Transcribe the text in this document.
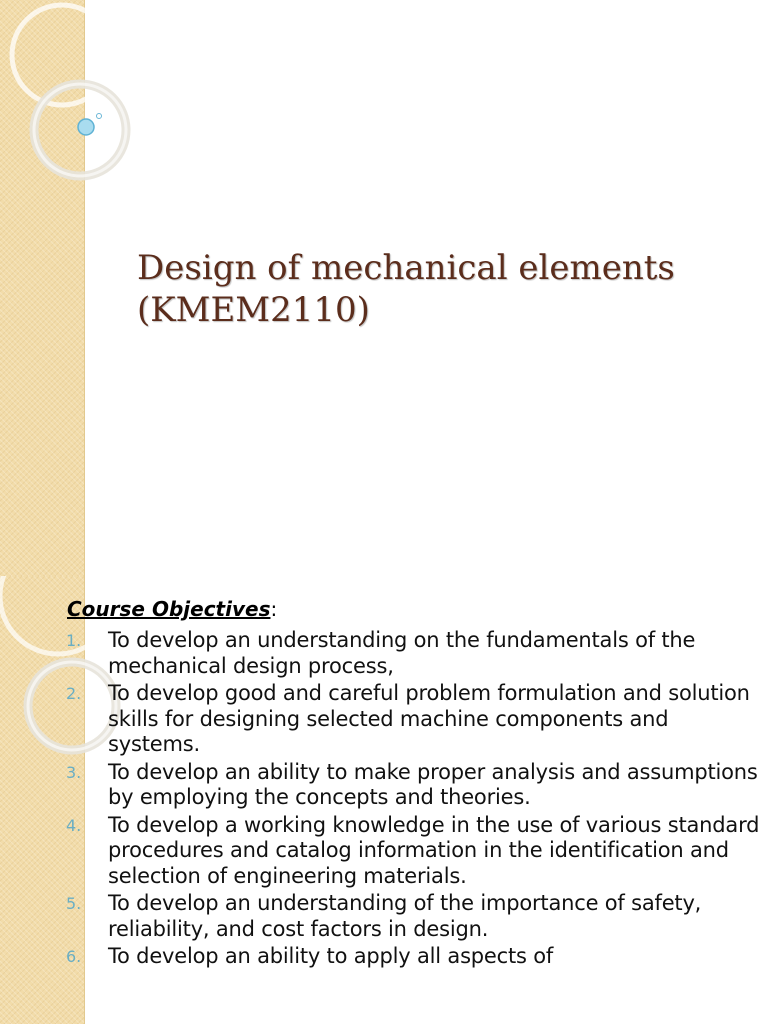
Design of mechanical elements
(KMEM2110)

Course Objectives:

1.	To develop an understanding on the fundamentals of the mechanical design process,
2.	To develop good and careful problem formulation and solution skills for designing selected machine components and systems.
3.	To develop an ability to make proper analysis and assumptions by employing the concepts and theories.
4.	To develop a working knowledge in the use of various standard procedures and catalog information in the identification and selection of engineering materials.
5.	To develop an understanding of the importance of safety, reliability, and cost factors in design.
6.	To develop an ability to apply all aspects of
